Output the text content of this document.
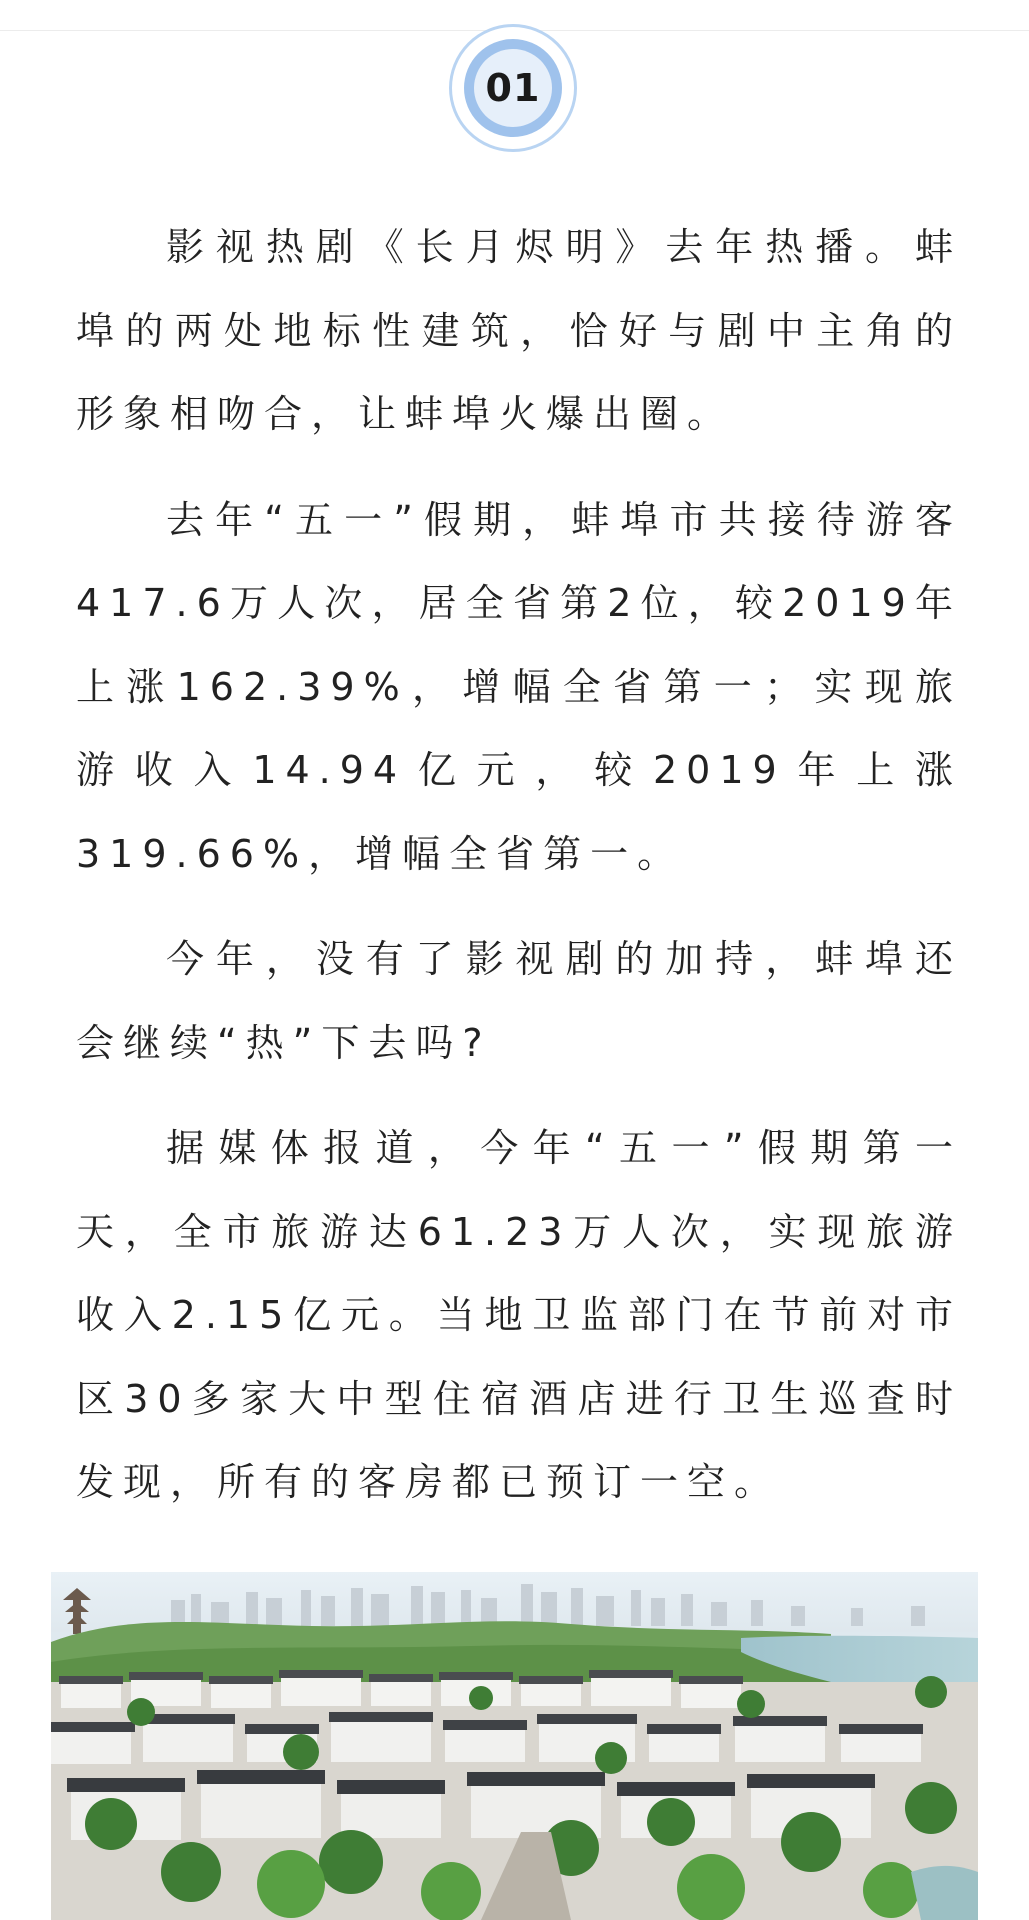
01

影视热剧《长月烬明》去年热播。蚌埠的两处地标性建筑，恰好与剧中主角的形象相吻合，让蚌埠火爆出圈。

去年“五一”假期，蚌埠市共接待游客417.6万人次，居全省第2位，较2019年上涨162.39%，增幅全省第一；实现旅游收入14.94亿元，较2019年上涨319.66%，增幅全省第一。

今年，没有了影视剧的加持，蚌埠还会继续“热”下去吗?

据媒体报道，今年“五一”假期第一天，全市旅游达61.23万人次，实现旅游收入2.15亿元。当地卫监部门在节前对市区30多家大中型住宿酒店进行卫生巡查时发现，所有的客房都已预订一空。
